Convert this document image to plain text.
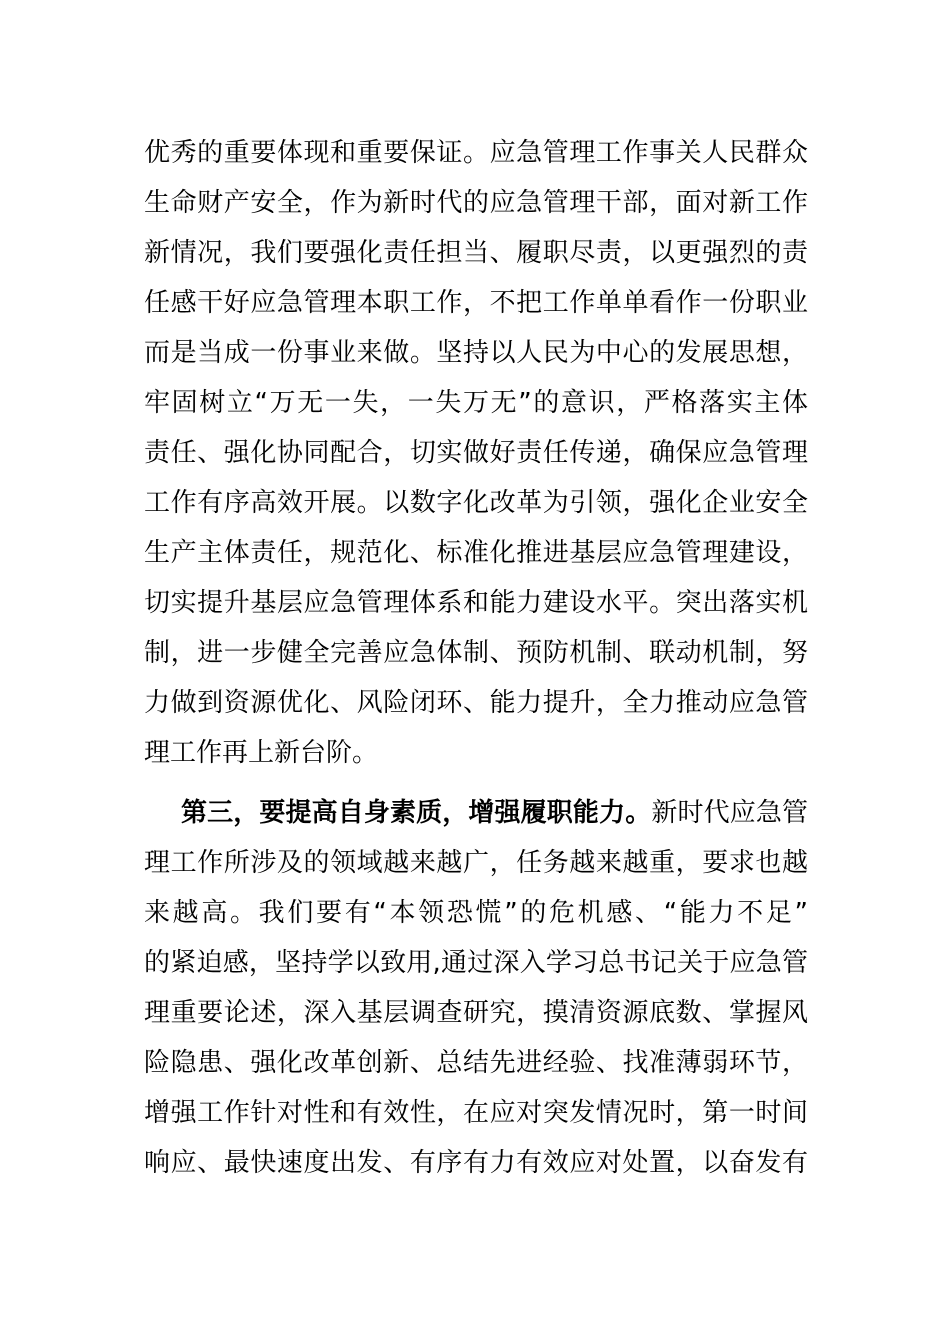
优秀的重要体现和重要保证。应急管理工作事关人民群众
生命财产安全，作为新时代的应急管理干部，面对新工作
新情况，我们要强化责任担当、履职尽责，以更强烈的责
任感干好应急管理本职工作，不把工作单单看作一份职业
而是当成一份事业来做。坚持以人民为中心的发展思想，
牢固树立“万无一失，一失万无”的意识，严格落实主体
责任、强化协同配合，切实做好责任传递，确保应急管理
工作有序高效开展。以数字化改革为引领，强化企业安全
生产主体责任，规范化、标准化推进基层应急管理建设，
切实提升基层应急管理体系和能力建设水平。突出落实机
制，进一步健全完善应急体制、预防机制、联动机制，努
力做到资源优化、风险闭环、能力提升，全力推动应急管
理工作再上新台阶。
第三，要提高自身素质，增强履职能力。新时代应急管
理工作所涉及的领域越来越广，任务越来越重，要求也越
来越高。我们要有“本领恐慌”的危机感、“能力不足”
的紧迫感，坚持学以致用,通过深入学习总书记关于应急管
理重要论述，深入基层调查研究，摸清资源底数、掌握风
险隐患、强化改革创新、总结先进经验、找准薄弱环节，
增强工作针对性和有效性，在应对突发情况时，第一时间
响应、最快速度出发、有序有力有效应对处置，以奋发有
